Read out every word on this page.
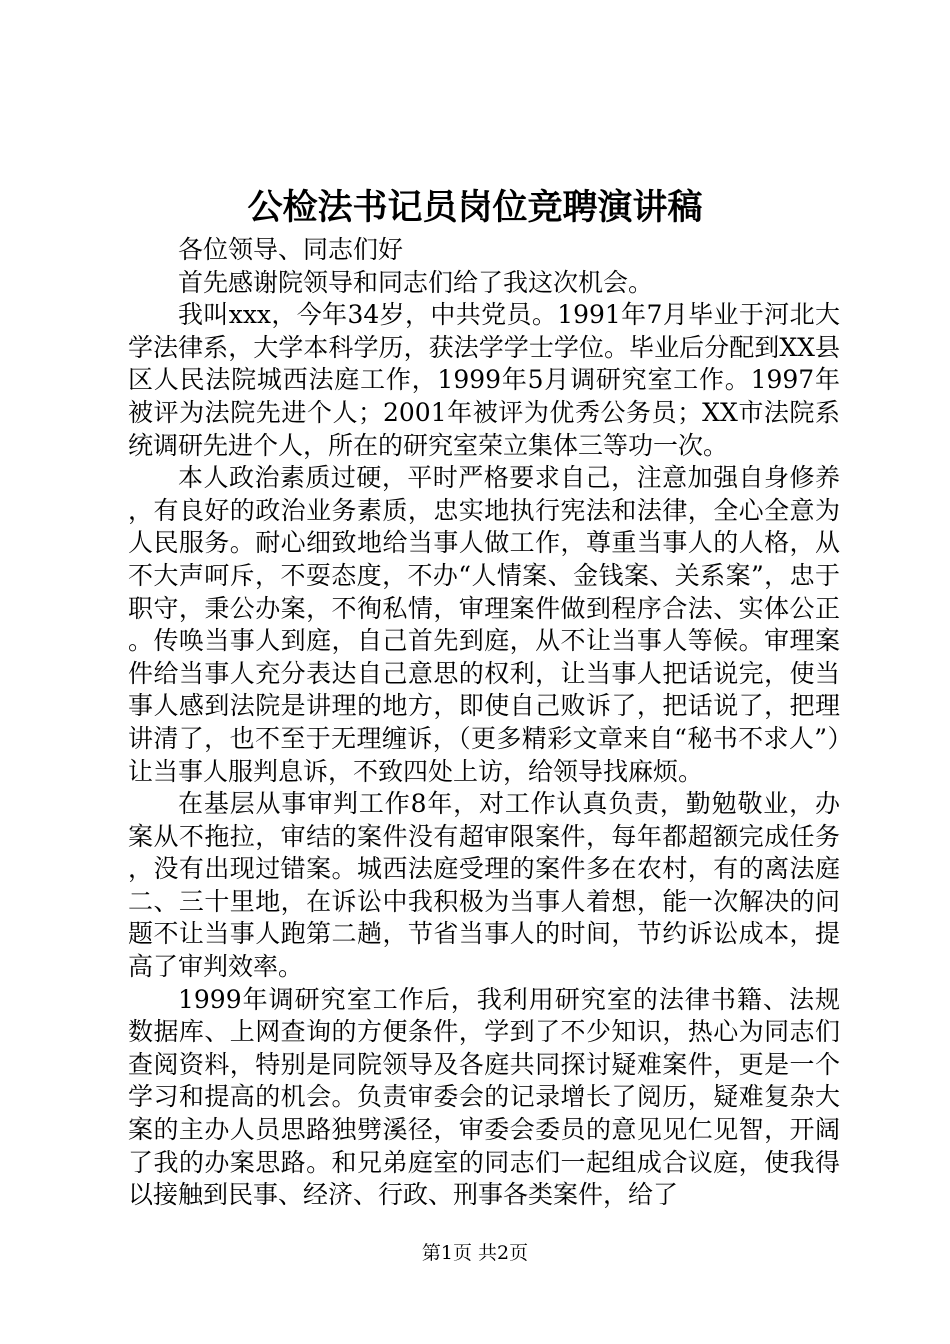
公检法书记员岗位竞聘演讲稿

各位领导、同志们好

首先感谢院领导和同志们给了我这次机会。

我叫xxx，今年34岁，中共党员。1991年7月毕业于河北大学法律系，大学本科学历，获法学学士学位。毕业后分配到XX县区人民法院城西法庭工作，1999年5月调研究室工作。1997年被评为法院先进个人；2001年被评为优秀公务员；XX市法院系统调研先进个人，所在的研究室荣立集体三等功一次。

本人政治素质过硬，平时严格要求自己，注意加强自身修养，有良好的政治业务素质，忠实地执行宪法和法律，全心全意为人民服务。耐心细致地给当事人做工作，尊重当事人的人格，从不大声呵斥，不耍态度，不办“人情案、金钱案、关系案”，忠于职守，秉公办案，不徇私情，审理案件做到程序合法、实体公正。传唤当事人到庭，自己首先到庭，从不让当事人等候。审理案件给当事人充分表达自己意思的权利，让当事人把话说完，使当事人感到法院是讲理的地方，即使自己败诉了，把话说了，把理讲清了，也不至于无理缠诉，（更多精彩文章来自“秘书不求人”）让当事人服判息诉，不致四处上访，给领导找麻烦。

在基层从事审判工作8年，对工作认真负责，勤勉敬业，办案从不拖拉，审结的案件没有超审限案件，每年都超额完成任务，没有出现过错案。城西法庭受理的案件多在农村，有的离法庭二、三十里地，在诉讼中我积极为当事人着想，能一次解决的问题不让当事人跑第二趟，节省当事人的时间，节约诉讼成本，提高了审判效率。

1999年调研究室工作后，我利用研究室的法律书籍、法规数据库、上网查询的方便条件，学到了不少知识，热心为同志们查阅资料，特别是同院领导及各庭共同探讨疑难案件，更是一个学习和提高的机会。负责审委会的记录增长了阅历，疑难复杂大案的主办人员思路独劈溪径，审委会委员的意见见仁见智，开阔了我的办案思路。和兄弟庭室的同志们一起组成合议庭，使我得以接触到民事、经济、行政、刑事各类案件，给了

第1页 共2页
